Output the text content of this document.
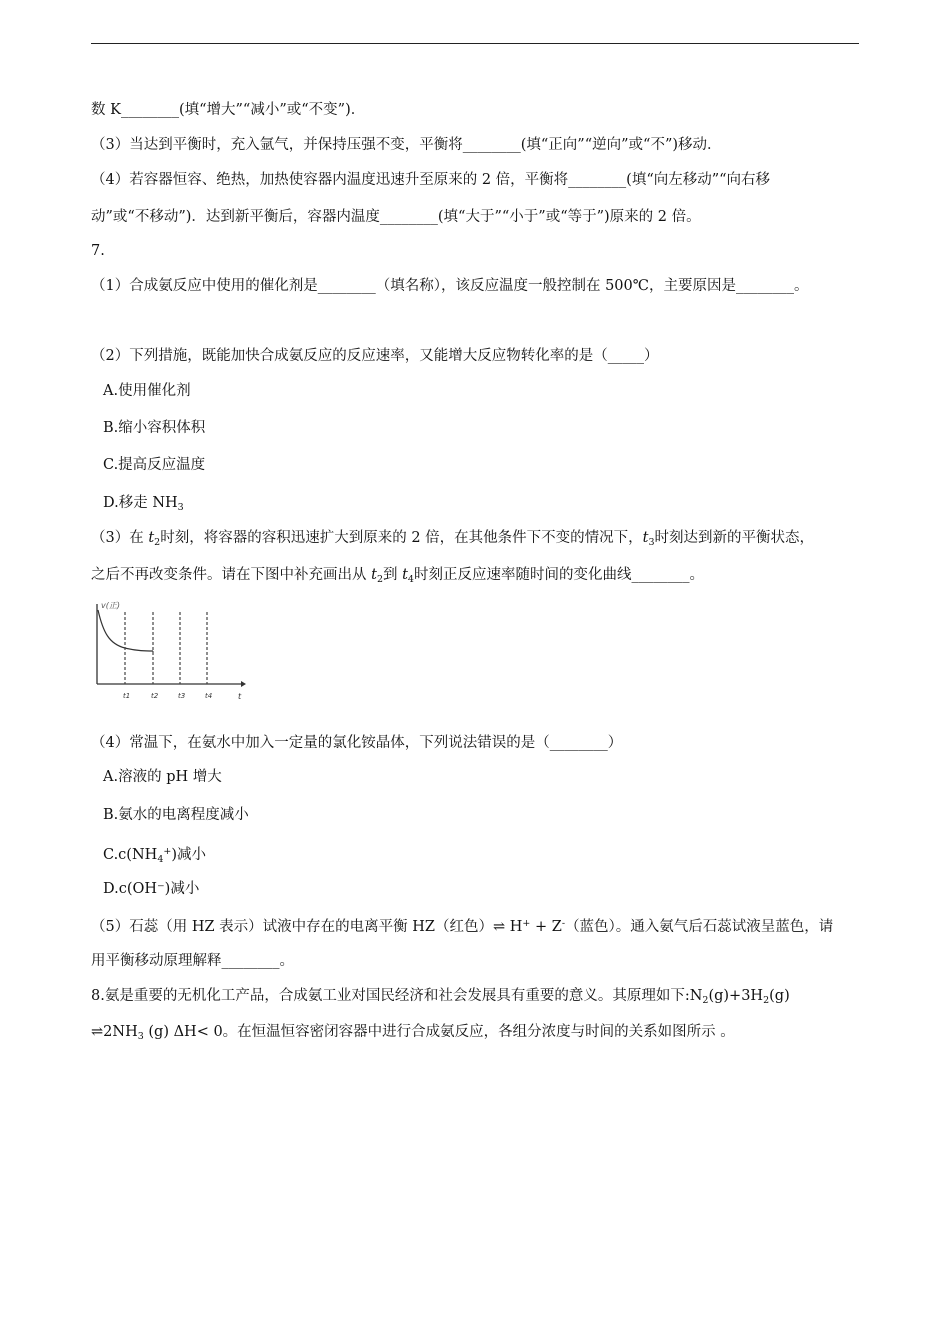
数 K________(填“增大”“减小”或“不变”)．
（3）当达到平衡时，充入氩气，并保持压强不变，平衡将________(填“正向”“逆向”或“不”)移动．
（4）若容器恒容、绝热，加热使容器内温度迅速升至原来的 2 倍，平衡将________(填“向左移动”“向右移
动”或“不移动”)．达到新平衡后，容器内温度________(填“大于”“小于”或“等于”)原来的 2 倍。
7.
（1）合成氨反应中使用的催化剂是________（填名称），该反应温度一般控制在 500℃，主要原因是________。
（2）下列措施，既能加快合成氨反应的反应速率，又能增大反应物转化率的是（_____）
A.使用催化剂
B.缩小容积体积
C.提高反应温度
D.移走 $NH_3$
（3）在 $t_2$时刻，将容器的容积迅速扩大到原来的 2 倍，在其他条件下不变的情况下，$t_3$时刻达到新的平衡状态，
之后不再改变条件。请在下图中补充画出从 $t_2$到 $t_4$时刻正反应速率随时间的变化曲线________。
v(正)
t
t1	t2	t3	t4
（4）常温下，在氨水中加入一定量的氯化铵晶体，下列说法错误的是（________）
A.溶液的 pH 增大
B.氨水的电离程度减小
$C.c(NH_4^+)$减小
D.c(OH⁻)减小
（5）石蕊（用 HZ 表示）试液中存在的电离平衡 HZ（红色）⇌ H+ + Z-（蓝色）。通入氨气后石蕊试液呈蓝色，请
用平衡移动原理解释________。
8.氨是重要的无机化工产品，合成氨工业对国民经济和社会发展具有重要的意义。其原理如下$:N_2(g)+3H_2(g)$
$\rightleftharpoons 2NH_3$ (g) ΔH< 0。在恒温恒容密闭容器中进行合成氨反应，各组分浓度与时间的关系如图所示 。
